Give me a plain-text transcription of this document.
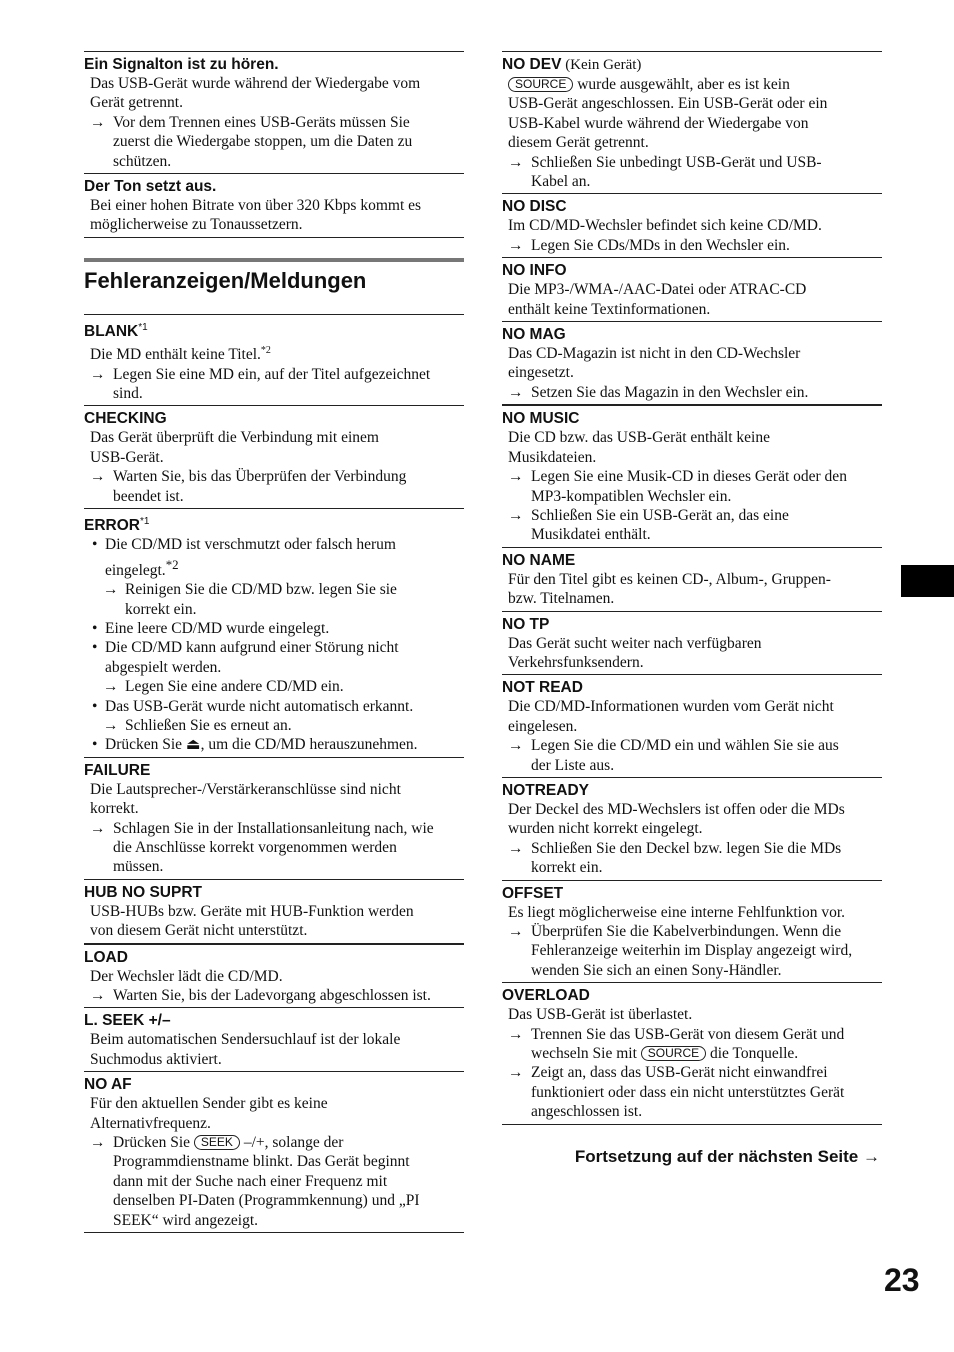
Ein Signalton ist zu hören.
Das USB-Gerät wurde während der Wiedergabe vom
Gerät getrennt.
→ Vor dem Trennen eines USB-Geräts müssen Sie
zuerst die Wiedergabe stoppen, um die Daten zu
schützen.
Der Ton setzt aus.
Bei einer hohen Bitrate von über 320 Kbps kommt es
möglicherweise zu Tonaussetzern.
Fehleranzeigen/Meldungen
BLANK$^{*1}$
Die MD enthält keine Titel.$^{*2}$
→ Legen Sie eine MD ein, auf der Titel aufgezeichnet
sind.
CHECKING
Das Gerät überprüft die Verbindung mit einem
USB-Gerät.
→ Warten Sie, bis das Überprüfen der Verbindung
beendet ist.
ERROR$^{*1}$
• Die CD/MD ist verschmutzt oder falsch herum
eingelegt.$^{*2}$
→ Reinigen Sie die CD/MD bzw. legen Sie sie
korrekt ein.
• Eine leere CD/MD wurde eingelegt.
• Die CD/MD kann aufgrund einer Störung nicht
abgespielt werden.
→ Legen Sie eine andere CD/MD ein.
• Das USB-Gerät wurde nicht automatisch erkannt.
→ Schließen Sie es erneut an.
• Drücken Sie ⏏, um die CD/MD herauszunehmen.
FAILURE
Die Lautsprecher-/Verstärkeranschlüsse sind nicht
korrekt.
→ Schlagen Sie in der Installationsanleitung nach, wie
die Anschlüsse korrekt vorgenommen werden
müssen.
HUB NO SUPRT
USB-HUBs bzw. Geräte mit HUB-Funktion werden
von diesem Gerät nicht unterstützt.
LOAD
Der Wechsler lädt die CD/MD.
→ Warten Sie, bis der Ladevorgang abgeschlossen ist.
L. SEEK +/–
Beim automatischen Sendersuchlauf ist der lokale
Suchmodus aktiviert.
NO AF
Für den aktuellen Sender gibt es keine
Alternativfrequenz.
→ Drücken Sie SEEK –/+, solange der
Programmdienstname blinkt. Das Gerät beginnt
dann mit der Suche nach einer Frequenz mit
denselben PI-Daten (Programmkennung) und „PI
SEEK“ wird angezeigt.
NO DEV (Kein Gerät)
SOURCE wurde ausgewählt, aber es ist kein
USB-Gerät angeschlossen. Ein USB-Gerät oder ein
USB-Kabel wurde während der Wiedergabe von
diesem Gerät getrennt.
→ Schließen Sie unbedingt USB-Gerät und USB-
Kabel an.
NO DISC
Im CD/MD-Wechsler befindet sich keine CD/MD.
→ Legen Sie CDs/MDs in den Wechsler ein.
NO INFO
Die MP3-/WMA-/AAC-Datei oder ATRAC-CD
enthält keine Textinformationen.
NO MAG
Das CD-Magazin ist nicht in den CD-Wechsler
eingesetzt.
→ Setzen Sie das Magazin in den Wechsler ein.
NO MUSIC
Die CD bzw. das USB-Gerät enthält keine
Musikdateien.
→ Legen Sie eine Musik-CD in dieses Gerät oder den
MP3-kompatiblen Wechsler ein.
→ Schließen Sie ein USB-Gerät an, das eine
Musikdatei enthält.
NO NAME
Für den Titel gibt es keinen CD-, Album-, Gruppen-
bzw. Titelnamen.
NO TP
Das Gerät sucht weiter nach verfügbaren
Verkehrsfunksendern.
NOT READ
Die CD/MD-Informationen wurden vom Gerät nicht
eingelesen.
→ Legen Sie die CD/MD ein und wählen Sie sie aus
der Liste aus.
NOTREADY
Der Deckel des MD-Wechslers ist offen oder die MDs
wurden nicht korrekt eingelegt.
→ Schließen Sie den Deckel bzw. legen Sie die MDs
korrekt ein.
OFFSET
Es liegt möglicherweise eine interne Fehlfunktion vor.
→ Überprüfen Sie die Kabelverbindungen. Wenn die
Fehleranzeige weiterhin im Display angezeigt wird,
wenden Sie sich an einen Sony-Händler.
OVERLOAD
Das USB-Gerät ist überlastet.
→ Trennen Sie das USB-Gerät von diesem Gerät und
wechseln Sie mit SOURCE die Tonquelle.
→ Zeigt an, dass das USB-Gerät nicht einwandfrei
funktioniert oder dass ein nicht unterstütztes Gerät
angeschlossen ist.
Fortsetzung auf der nächsten Seite →
23
